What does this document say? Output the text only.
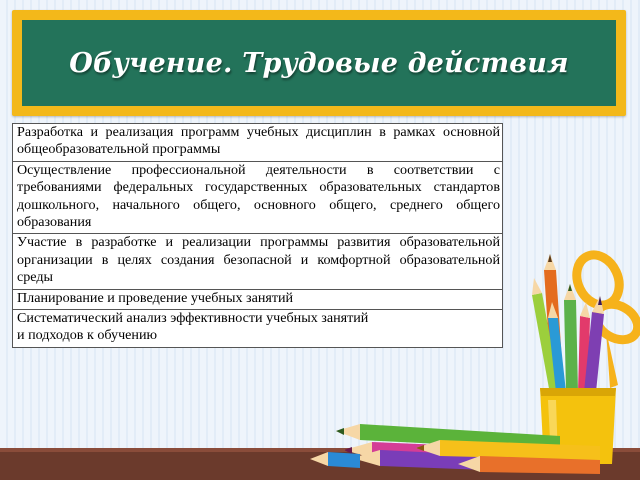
Обучение. Трудовые действия
Разработка и реализация программ учебных дисциплин в рамках основной общеобразовательной программы
Осуществление профессиональной деятельности в соответствии с требованиями федеральных государственных образовательных стандартов дошкольного, начального общего, основного общего, среднего общего образования
Участие в разработке и реализации программы развития образовательной организации в целях создания безопасной и комфортной образовательной среды
Планирование и проведение учебных занятий
Систематический анализ эффективности учебных занятий
и подходов к обучению
